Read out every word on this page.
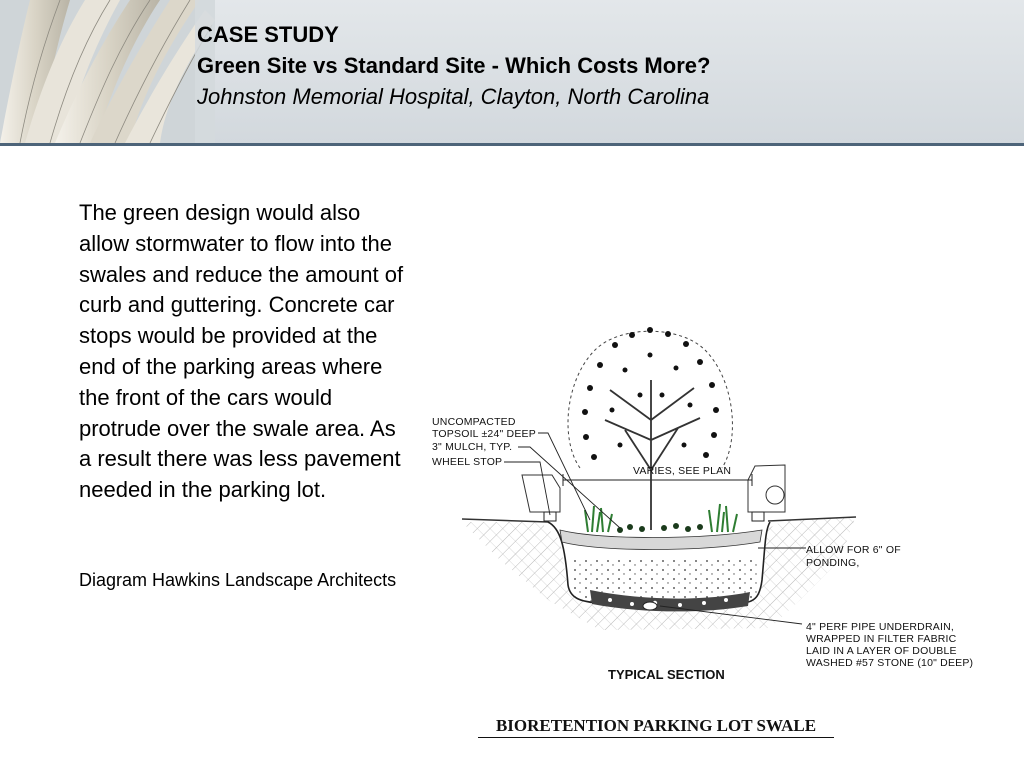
CASE STUDY
Green Site vs Standard Site - Which Costs More?
Johnston Memorial Hospital, Clayton, North Carolina
The green design would also allow stormwater to flow into the swales and reduce the amount of curb and guttering. Concrete car stops would be provided at the end of the parking areas where the front of the cars would protrude over the swale area. As a result there was less pavement needed in the parking lot.
Diagram Hawkins Landscape Architects
UNCOMPACTED
TOPSOIL ±24" DEEP
3" MULCH, TYP.
WHEEL STOP
VARIES, SEE PLAN
ALLOW FOR 6" OF
PONDING,
4" PERF PIPE UNDERDRAIN,
WRAPPED IN FILTER FABRIC
LAID IN A LAYER OF DOUBLE
WASHED #57 STONE (10" DEEP)
TYPICAL SECTION
BIORETENTION PARKING LOT SWALE
